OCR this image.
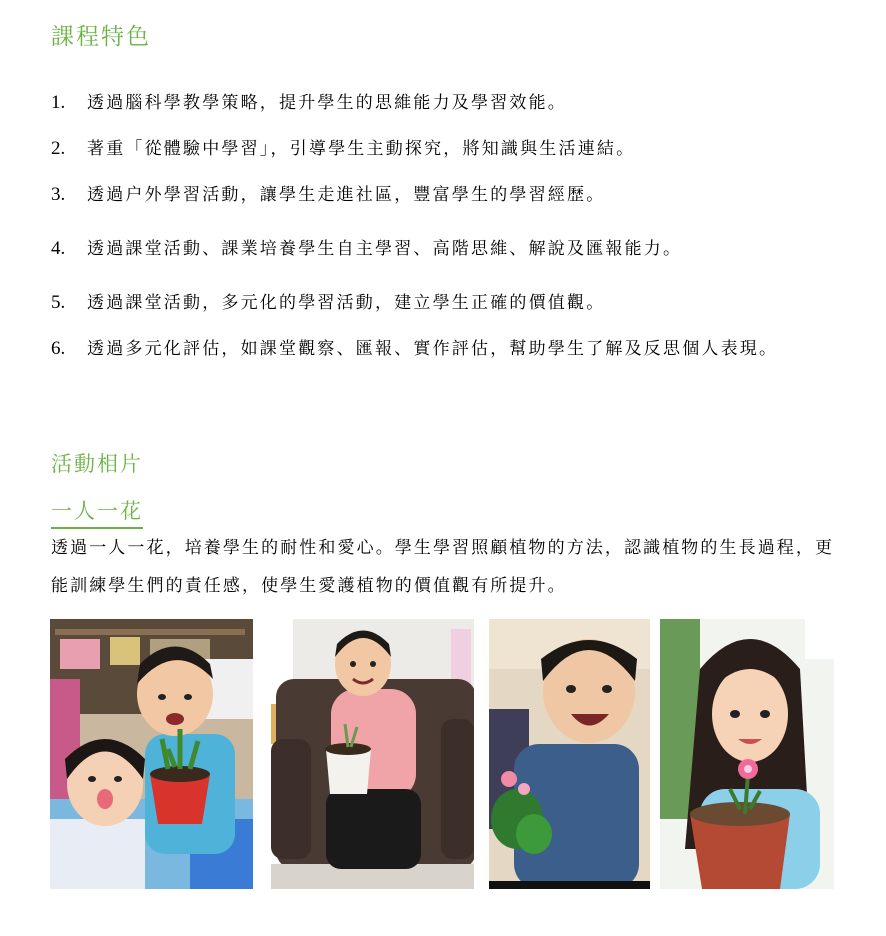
課程特色
1. 透過腦科學教學策略，提升學生的思維能力及學習效能。
2. 著重「從體驗中學習」，引導學生主動探究，將知識與生活連結。
3. 透過户外學習活動，讓學生走進社區，豐富學生的學習經歷。
4. 透過課堂活動、課業培養學生自主學習、高階思維、解說及匯報能力。
5. 透過課堂活動，多元化的學習活動，建立學生正確的價值觀。
6. 透過多元化評估，如課堂觀察、匯報、實作評估，幫助學生了解及反思個人表現。
活動相片
一人一花

透過一人一花，培養學生的耐性和愛心。學生學習照顧植物的方法，認識植物的生長過程，更能訓練學生們的責任感，使學生愛護植物的價值觀有所提升。
